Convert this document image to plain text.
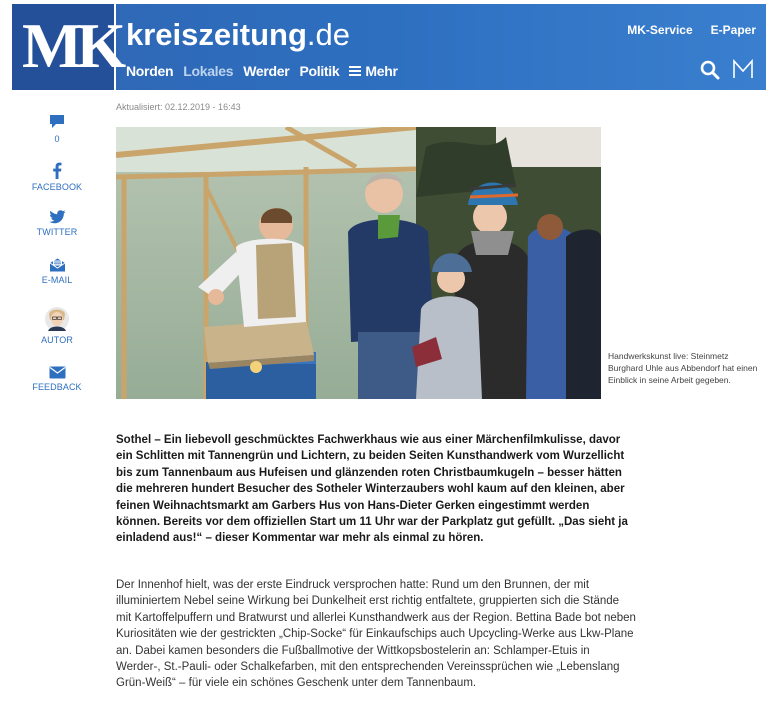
MK kreiszeitung.de
Norden Lokales Werder Politik Mehr
MK-Service E-Paper
0
FACEBOOK
TWITTER
E-MAIL
AUTOR
FEEDBACK
Aktualisiert: 02.12.2019 - 16:43
Handwerkskunst live: Steinmetz Burghard Uhle aus Abbendorf hat einen Einblick in seine Arbeit gegeben.

Sothel – Ein liebevoll geschmücktes Fachwerkhaus wie aus einer Märchenfilmkulisse, davor ein Schlitten mit Tannengrün und Lichtern, zu beiden Seiten Kunsthandwerk vom Wurzellicht bis zum Tannenbaum aus Hufeisen und glänzenden roten Christbaumkugeln – besser hätten die mehreren hundert Besucher des Sotheler Winterzaubers wohl kaum auf den kleinen, aber feinen Weihnachtsmarkt am Garbers Hus von Hans-Dieter Gerken eingestimmt werden können. Bereits vor dem offiziellen Start um 11 Uhr war der Parkplatz gut gefüllt. „Das sieht ja einladend aus!“ – dieser Kommentar war mehr als einmal zu hören.

Der Innenhof hielt, was der erste Eindruck versprochen hatte: Rund um den Brunnen, der mit illuminiertem Nebel seine Wirkung bei Dunkelheit erst richtig entfaltete, gruppierten sich die Stände mit Kartoffelpuffern und Bratwurst und allerlei Kunsthandwerk aus der Region. Bettina Bade bot neben Kuriositäten wie der gestrickten „Chip-Socke“ für Einkaufschips auch Upcycling-Werke aus Lkw-Plane an. Dabei kamen besonders die Fußballmotive der Wittkopsbostelerin an: Schlamper-Etuis in Werder-, St.-Pauli- oder Schalkefarben, mit den entsprechenden Vereinssprüchen wie „Lebenslang Grün-Weiß“ – für viele ein schönes Geschenk unter dem Tannenbaum.
